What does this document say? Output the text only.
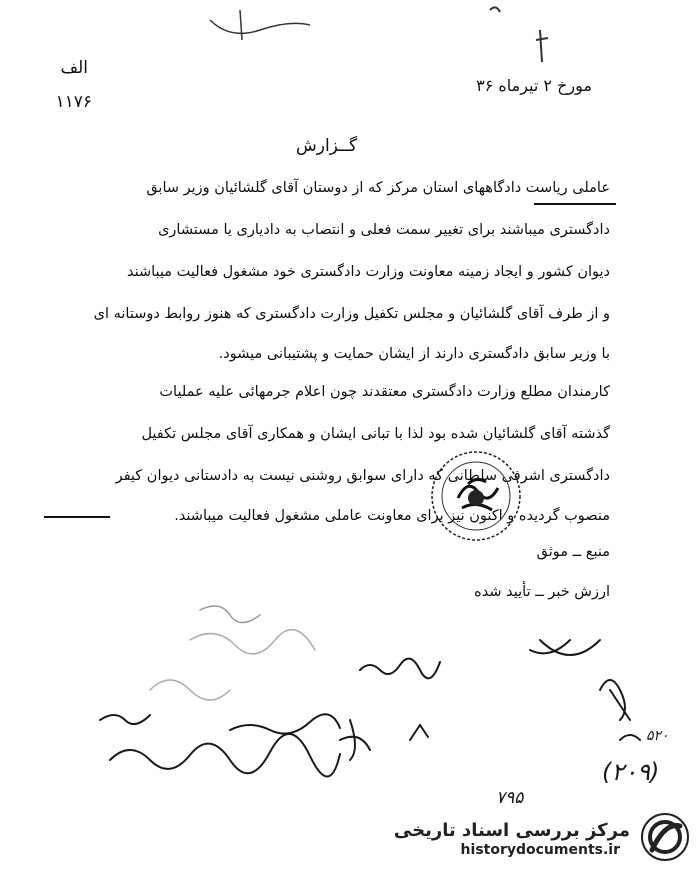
الف
۱۱۷۶
مورخ ۲ تیرماه ۳۶
گــزارش
عاملی ریاست دادگاههای استان مرکز که از دوستان آقای گلشائیان وزیر سابق
دادگستری میباشند برای تغییر سمت فعلی و انتصاب به دادیاری یا مستشاری
دیوان کشور و ایجاد زمینه معاونت وزارت دادگستری خود مشغول فعالیت میباشند
و از طرف آقای گلشائیان و مجلس تکفیل وزارت دادگستری که هنوز روابط دوستانه ای
با وزیر سابق دادگستری دارند از ایشان حمایت و پشتیبانی میشود.
کارمندان مطلع وزارت دادگستری معتقدند چون اعلام جرمهائی علیه عملیات
گذشته آقای گلشائیان شده بود لذا با تبانی ایشان و همکاری آقای مجلس تکفیل
دادگستری اشرفی سلطانی که دارای سوابق روشنی نیست به دادستانی دیوان کیفر
منصوب گردیده و اکنون نیز برای معاونت عاملی مشغول فعالیت میباشند.
منبع ــ موثق
ارزش خبر ــ تأیید شده
۷۹۵
(۲۰۹)
۵۲۰
مرکز بررسی اسناد تاریخی
historydocuments.ir
